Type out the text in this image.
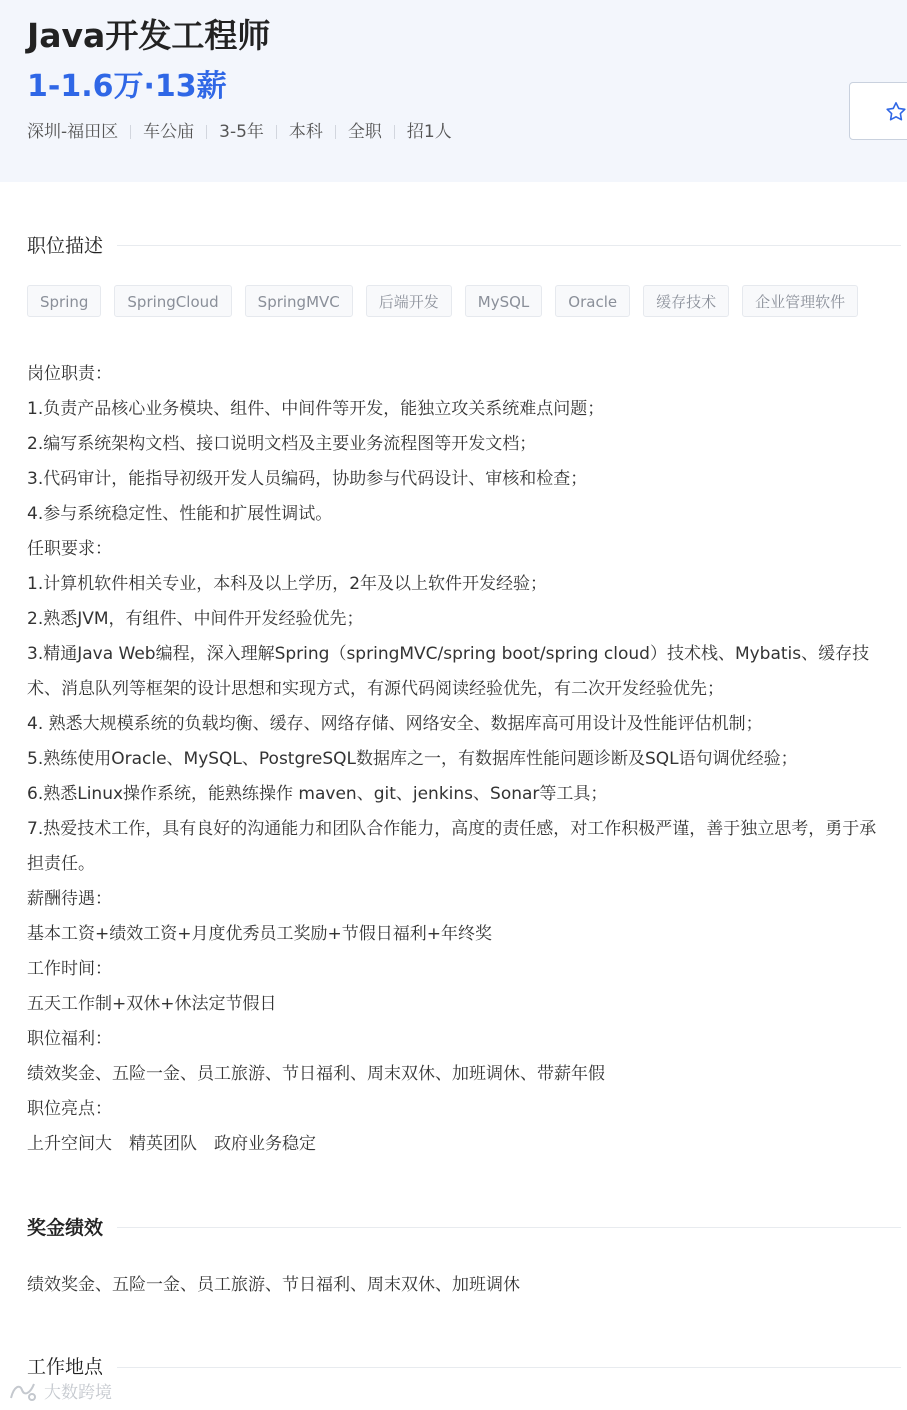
Java开发工程师
1-1.6万·13薪
深圳-福田区 车公庙 3-5年 本科 全职 招1人
职位描述
Spring	SpringCloud	SpringMVC	后端开发	MySQL	Oracle	缓存技术	企业管理软件
岗位职责：
1.负责产品核心业务模块、组件、中间件等开发，能独立攻关系统难点问题；
2.编写系统架构文档、接口说明文档及主要业务流程图等开发文档；
3.代码审计，能指导初级开发人员编码，协助参与代码设计、审核和检查；
4.参与系统稳定性、性能和扩展性调试。
任职要求：
1.计算机软件相关专业，本科及以上学历，2年及以上软件开发经验；
2.熟悉JVM，有组件、中间件开发经验优先；
3.精通Java Web编程，深入理解Spring（springMVC/spring boot/spring cloud）技术栈、Mybatis、缓存技
术、消息队列等框架的设计思想和实现方式，有源代码阅读经验优先，有二次开发经验优先；
4. 熟悉大规模系统的负载均衡、缓存、网络存储、网络安全、数据库高可用设计及性能评估机制；
5.熟练使用Oracle、MySQL、PostgreSQL数据库之一，有数据库性能问题诊断及SQL语句调优经验；
6.熟悉Linux操作系统，能熟练操作 maven、git、jenkins、Sonar等工具；
7.热爱技术工作，具有良好的沟通能力和团队合作能力，高度的责任感，对工作积极严谨，善于独立思考，勇于承
担责任。
薪酬待遇：
基本工资+绩效工资+月度优秀员工奖励+节假日福利+年终奖
工作时间：
五天工作制+双休+休法定节假日
职位福利：
绩效奖金、五险一金、员工旅游、节日福利、周末双休、加班调休、带薪年假
职位亮点：
上升空间大　精英团队　政府业务稳定
奖金绩效
绩效奖金、五险一金、员工旅游、节日福利、周末双休、加班调休
工作地点
大数跨境
